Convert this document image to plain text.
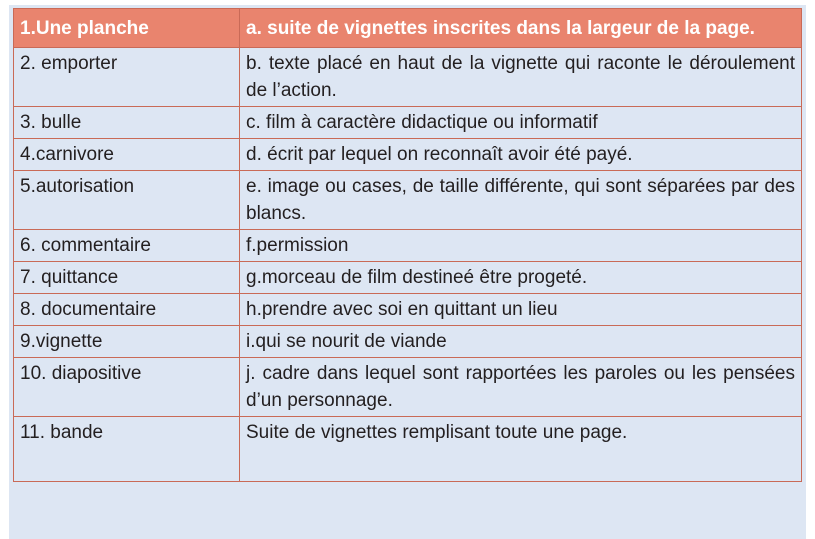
1.Une planche	a. suite de vignettes inscrites dans la largeur de la page.
2. emporter	b. texte placé en haut de la vignette qui raconte le déroulement de l’action.
3. bulle	c. film à caractère didactique ou informatif
4.carnivore	d. écrit par lequel on reconnaît avoir été payé.
5.autorisation	e. image ou cases, de taille différente, qui sont séparées par des blancs.
6. commentaire	f.permission
7. quittance	g.morceau de film destineé être progeté.
8. documentaire	h.prendre avec soi en quittant un lieu
9.vignette	i.qui se nourit de viande
10. diapositive	j. cadre dans lequel sont rapportées les paroles ou les pensées d’un personnage.
11. bande	Suite de vignettes remplisant toute une page.
